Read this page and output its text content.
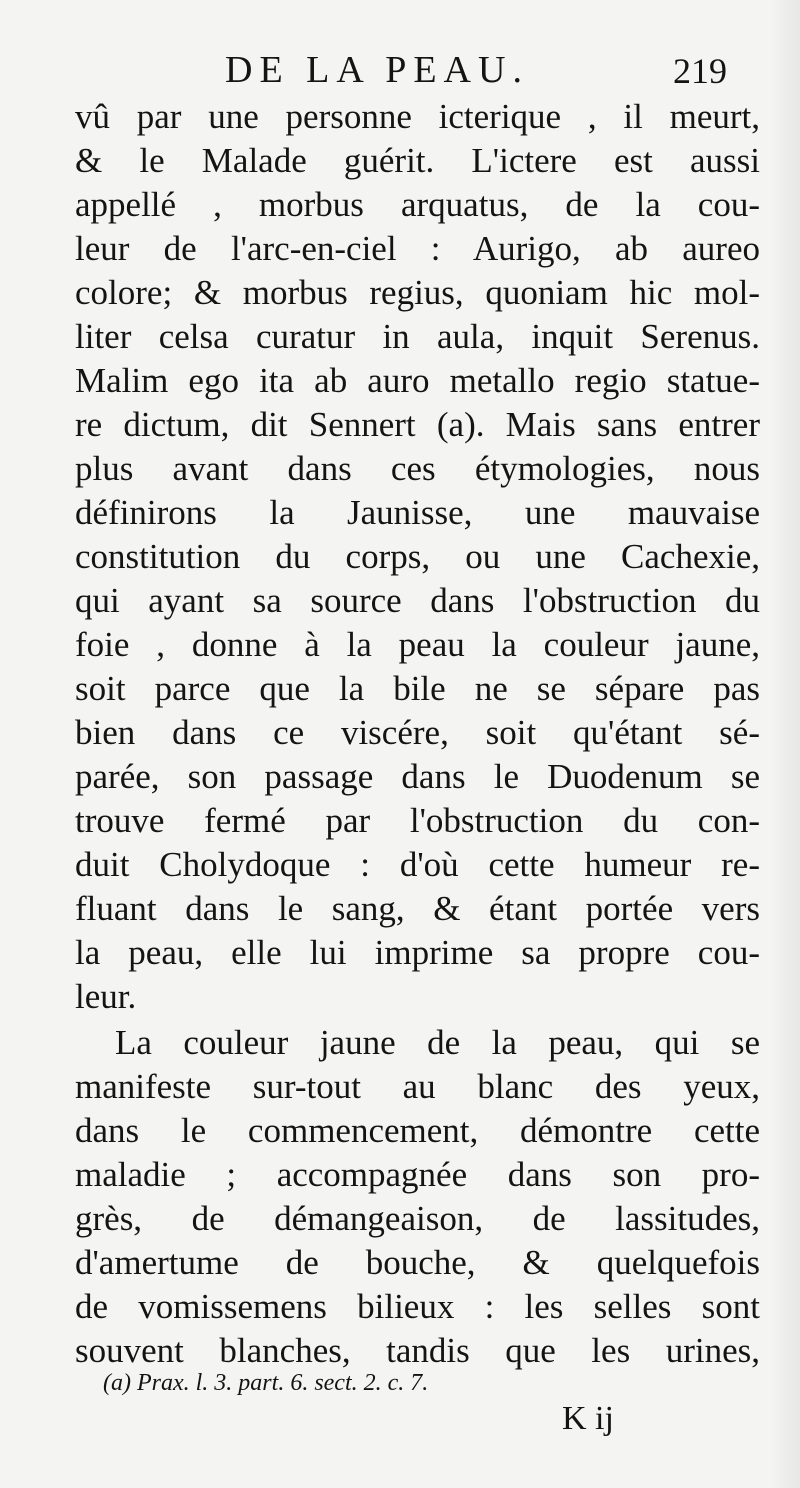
DE LA PEAU.	219
vû par une personne icterique , il meurt,
& le Malade guérit. L'ictere est aussi
appellé , morbus arquatus, de la cou-
leur de l'arc-en-ciel : Aurigo, ab aureo
colore; & morbus regius, quoniam hic mol-
liter celsa curatur in aula, inquit Serenus.
Malim ego ita ab auro metallo regio statue-
re dictum, dit Sennert (a). Mais sans entrer
plus avant dans ces étymologies, nous
définirons la Jaunisse, une mauvaise
constitution du corps, ou une Cachexie,
qui ayant sa source dans l'obstruction du
foie , donne à la peau la couleur jaune,
soit parce que la bile ne se sépare pas
bien dans ce viscére, soit qu'étant sé-
parée, son passage dans le Duodenum se
trouve fermé par l'obstruction du con-
duit Cholydoque : d'où cette humeur re-
fluant dans le sang, & étant portée vers
la peau, elle lui imprime sa propre cou-
leur.
La couleur jaune de la peau, qui se
manifeste sur-tout au blanc des yeux,
dans le commencement, démontre cette
maladie ; accompagnée dans son pro-
grès, de démangeaison, de lassitudes,
d'amertume de bouche, & quelquefois
de vomissemens bilieux : les selles sont
souvent blanches, tandis que les urines,
(a) Prax. l. 3. part. 6. sect. 2. c. 7.
K ij
